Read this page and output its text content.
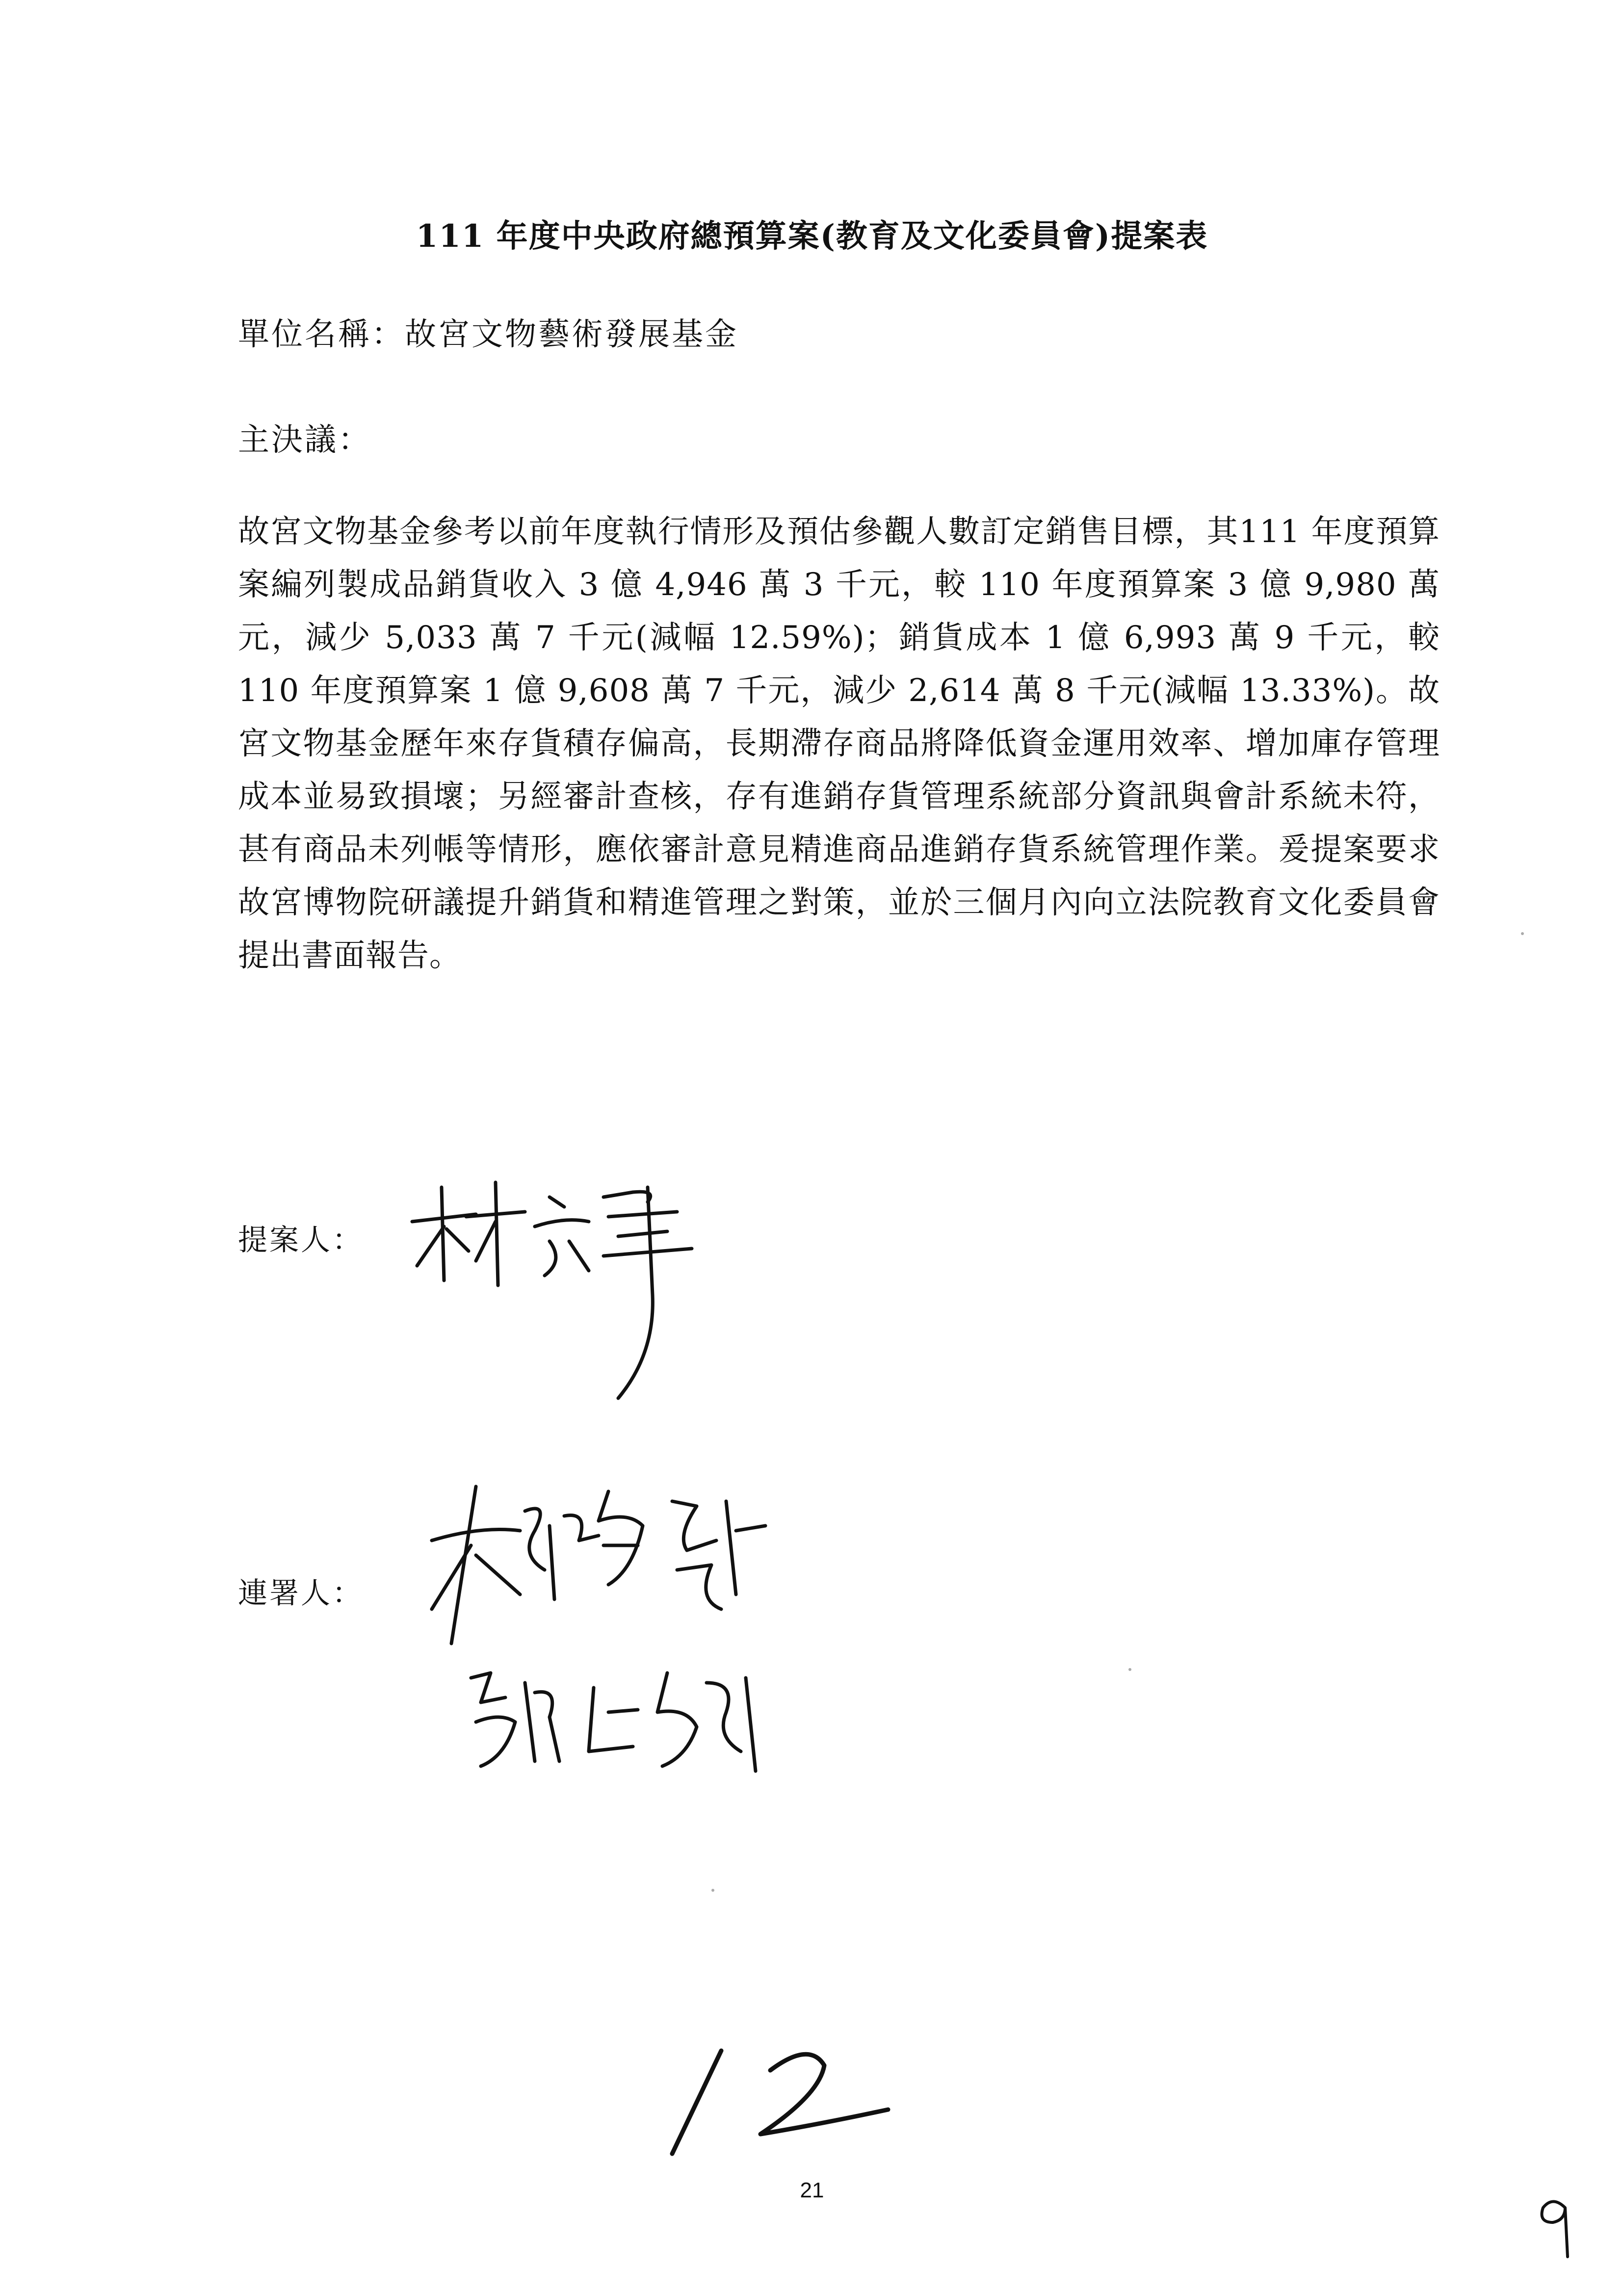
111 年度中央政府總預算案(教育及文化委員會)提案表
單位名稱：故宮文物藝術發展基金
主決議：
故宮文物基金參考以前年度執行情形及預估參觀人數訂定銷售目標，其111 年度預算案編列製成品銷貨收入 3 億 4,946 萬 3 千元，較 110 年度預算案 3 億 9,980 萬元，減少 5,033 萬 7 千元(減幅 12.59%)；銷貨成本 1 億 6,993 萬 9 千元，較 110 年度預算案 1 億 9,608 萬 7 千元，減少 2,614 萬 8 千元(減幅 13.33%)。故宮文物基金歷年來存貨積存偏高，長期滯存商品將降低資金運用效率、增加庫存管理成本並易致損壞；另經審計查核，存有進銷存貨管理系統部分資訊與會計系統未符，甚有商品未列帳等情形，應依審計意見精進商品進銷存貨系統管理作業。爰提案要求故宮博物院研議提升銷貨和精進管理之對策，並於三個月內向立法院教育文化委員會提出書面報告。
提案人：
連署人：
21
